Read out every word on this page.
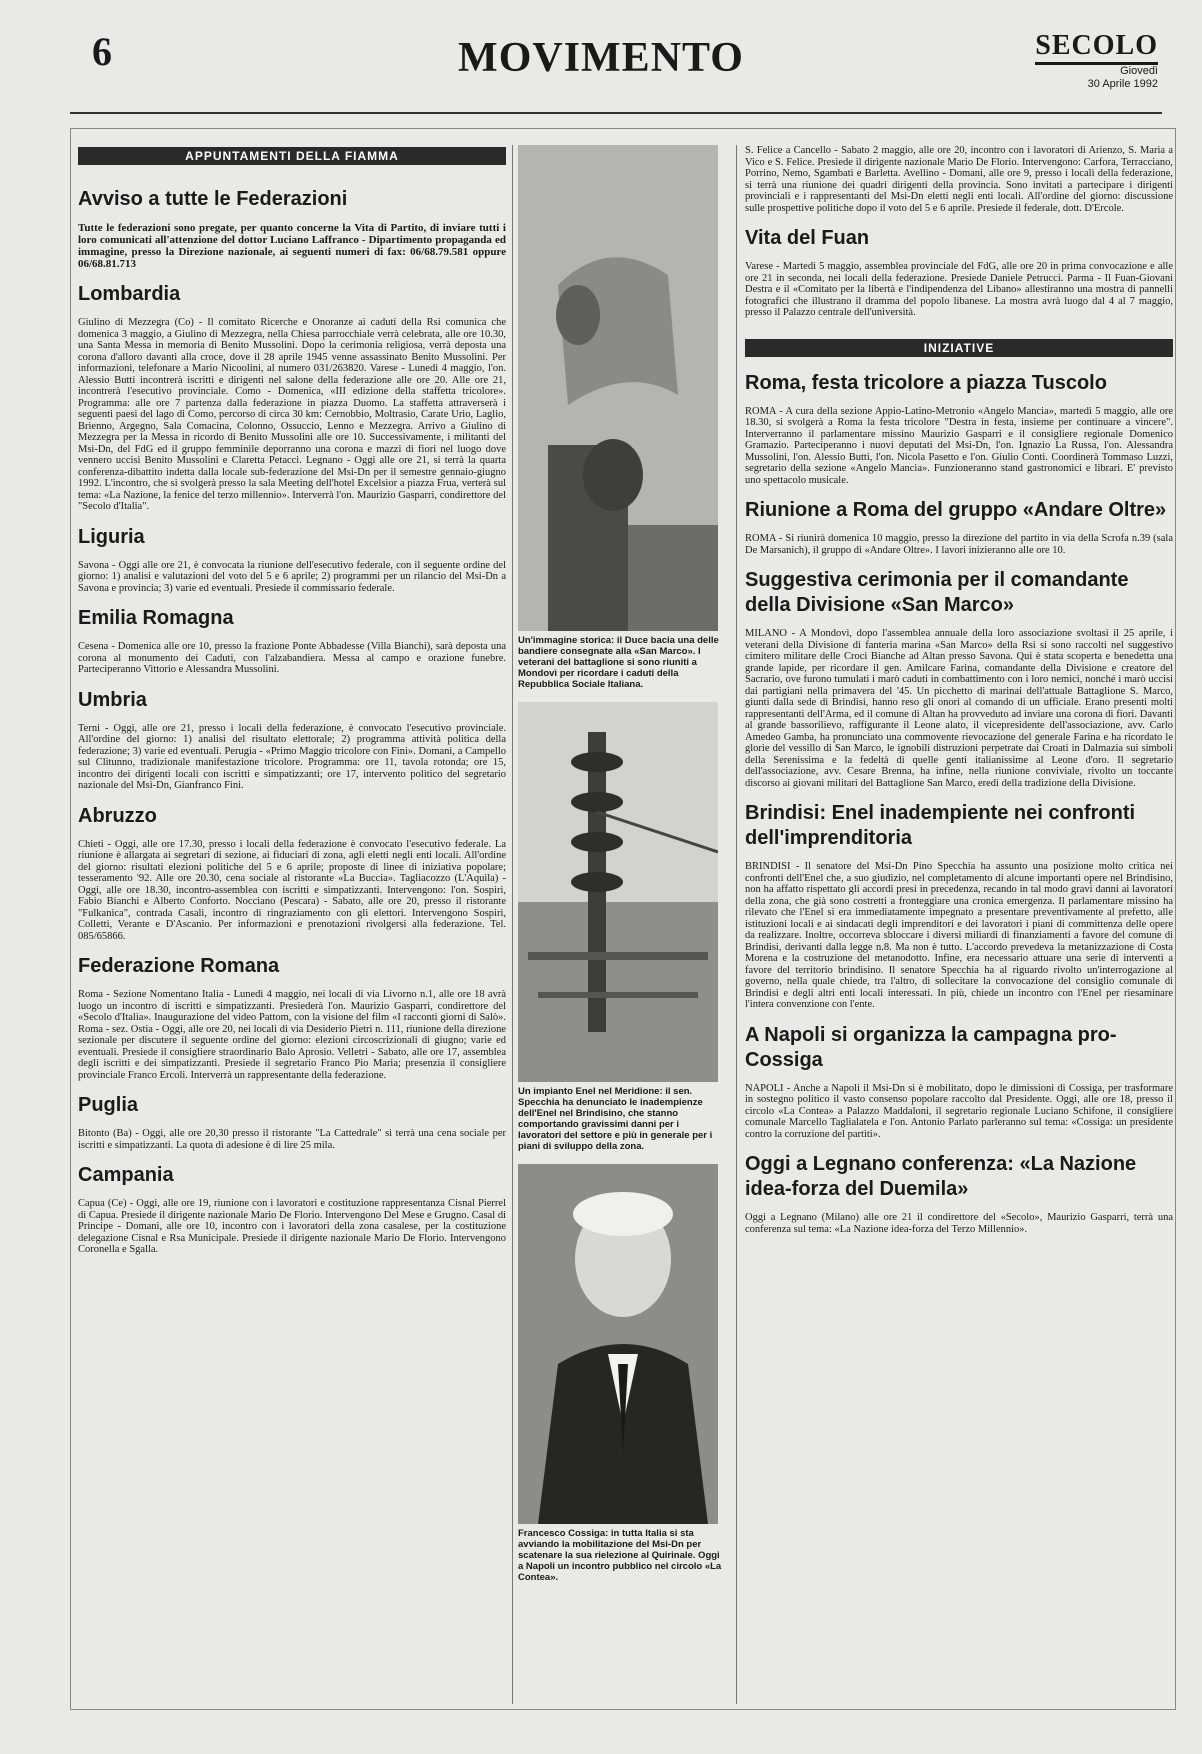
6	MOVIMENTO	SECOLO
Giovedì
30 Aprile 1992
APPUNTAMENTI DELLA FIAMMA
Avviso a tutte le Federazioni

Tutte le federazioni sono pregate, per quanto concerne la Vita di Partito, di inviare tutti i loro comunicati all'attenzione del dottor Luciano Laffranco - Dipartimento propaganda ed immagine, presso la Direzione nazionale, ai seguenti numeri di fax: 06/68.79.581 oppure 06/68.81.713

Lombardia

Giulino di Mezzegra (Co) - Il comitato Ricerche e Onoranze ai caduti della Rsi comunica che domenica 3 maggio, a Giulino di Mezzegra, nella Chiesa parrocchiale verrà celebrata, alle ore 10.30, una Santa Messa in memoria di Benito Mussolini. Dopo la cerimonia religiosa, verrà deposta una corona d'alloro davanti alla croce, dove il 28 aprile 1945 venne assassinato Benito Mussolini. Per informazioni, telefonare a Mario Nicoolini, al numero 031/263820. Varese - Lunedì 4 maggio, l'on. Alessio Butti incontrerà iscritti e dirigenti nel salone della federazione alle ore 20. Alle ore 21, incontrerà l'esecutivo provinciale. Como - Domenica, «III edizione della staffetta tricolore». Programma: alle ore 7 partenza dalla federazione in piazza Duomo. La staffetta attraverserà i seguenti paesi del lago di Como, percorso di circa 30 km: Cernobbio, Moltrasio, Carate Urio, Laglio, Brienno, Argegno, Sala Comacina, Colonno, Ossuccio, Lenno e Mezzegra. Arrivo a Giulino di Mezzegra per la Messa in ricordo di Benito Mussolini alle ore 10. Successivamente, i militanti del Msi-Dn, del FdG ed il gruppo femminile deporranno una corona e mazzi di fiori nel luogo dove vennero uccisi Benito Mussolini e Claretta Petacci. Legnano - Oggi alle ore 21, si terrà la quarta conferenza-dibattito indetta dalla locale sub-federazione del Msi-Dn per il semestre gennaio-giugno 1992. L'incontro, che si svolgerà presso la sala Meeting dell'hotel Excelsior a piazza Frua, verterà sul tema: «La Nazione, la fenice del terzo millennio». Interverrà l'on. Maurizio Gasparri, condirettore del "Secolo d'Italia".

Liguria

Savona - Oggi alle ore 21, è convocata la riunione dell'esecutivo federale, con il seguente ordine del giorno: 1) analisi e valutazioni del voto del 5 e 6 aprile; 2) programmi per un rilancio del Msi-Dn a Savona e provincia; 3) varie ed eventuali. Presiede il commissario federale.

Emilia Romagna

Cesena - Domenica alle ore 10, presso la frazione Ponte Abbadesse (Villa Bianchi), sarà deposta una corona al monumento dei Caduti, con l'alzabandiera. Messa al campo e orazione funebre. Parteciperanno Vittorio e Alessandra Mussolini.

Umbria

Terni - Oggi, alle ore 21, presso i locali della federazione, è convocato l'esecutivo provinciale. All'ordine del giorno: 1) analisi del risultato elettorale; 2) programma attività politica della federazione; 3) varie ed eventuali. Perugia - «Primo Maggio tricolore con Fini». Domani, a Campello sul Clitunno, tradizionale manifestazione tricolore. Programma: ore 11, tavola rotonda; ore 15, incontro dei dirigenti locali con iscritti e simpatizzanti; ore 17, intervento politico del segretario nazionale del Msi-Dn, Gianfranco Fini.

Abruzzo

Chieti - Oggi, alle ore 17.30, presso i locali della federazione è convocato l'esecutivo federale. La riunione è allargata ai segretari di sezione, ai fiduciari di zona, agli eletti negli enti locali. All'ordine del giorno: risultati elezioni politiche del 5 e 6 aprile; proposte di linee di iniziativa popolare; tesseramento '92. Alle ore 20.30, cena sociale al ristorante «La Buccia». Tagliacozzo (L'Aquila) - Oggi, alle ore 18.30, incontro-assemblea con iscritti e simpatizzanti. Intervengono: l'on. Sospiri, Fabio Bianchi e Alberto Conforto. Nocciano (Pescara) - Sabato, alle ore 20, presso il ristorante "Fulkanica", contrada Casali, incontro di ringraziamento con gli elettori. Intervengono Sospiri, Colletti, Verante e D'Ascanio. Per informazioni e prenotazioni rivolgersi alla federazione. Tel. 085/65866.

Federazione Romana

Roma - Sezione Nomentano Italia - Lunedì 4 maggio, nei locali di via Livorno n.1, alle ore 18 avrà luogo un incontro di iscritti e simpatizzanti. Presiederà l'on. Maurizio Gasparri, condirettore del «Secolo d'Italia». Inaugurazione del video Pattom, con la visione del film «I racconti giorni di Salò». Roma - sez. Ostia - Oggi, alle ore 20, nei locali di via Desiderio Pietri n. 111, riunione della direzione sezionale per discutere il seguente ordine del giorno: elezioni circoscrizionali di giugno; varie ed eventuali. Presiede il consigliere straordinario Balo Aprosio. Velletri - Sabato, alle ore 17, assemblea degli iscritti e dei simpatizzanti. Presiede il segretario Franco Pio Maria; presenzia il consigliere provinciale Franco Ercoli. Interverrà un rappresentante della federazione.

Puglia

Bitonto (Ba) - Oggi, alle ore 20,30 presso il ristorante "La Cattedrale" si terrà una cena sociale per iscritti e simpatizzanti. La quota di adesione è di lire 25 mila.

Campania

Capua (Ce) - Oggi, alle ore 19, riunione con i lavoratori e costituzione rappresentanza Cisnal Pierrel di Capua. Presiede il dirigente nazionale Mario De Florio. Intervengono Del Mese e Grugno. Casal di Principe - Domani, alle ore 10, incontro con i lavoratori della zona casalese, per la costituzione delegazione Cisnal e Rsa Municipale. Presiede il dirigente nazionale Mario De Florio. Intervengono Coronella e Sgalla.

Un'immagine storica: il Duce bacia una delle bandiere consegnate alla «San Marco». I veterani del battaglione si sono riuniti a Mondovì per ricordare i caduti della Repubblica Sociale Italiana.
Un impianto Enel nel Meridione: il sen. Specchia ha denunciato le inadempienze dell'Enel nel Brindisino, che stanno comportando gravissimi danni per i lavoratori del settore e più in generale per i piani di sviluppo della zona.
Francesco Cossiga: in tutta Italia si sta avviando la mobilitazione del Msi-Dn per scatenare la sua rielezione al Quirinale. Oggi a Napoli un incontro pubblico nel circolo «La Contea».

S. Felice a Cancello - Sabato 2 maggio, alle ore 20, incontro con i lavoratori di Arienzo, S. Maria a Vico e S. Felice. Presiede il dirigente nazionale Mario De Florio. Intervengono: Carfora, Terracciano, Porrino, Nemo, Sgambati e Barletta. Avellino - Domani, alle ore 9, presso i locali della federazione, si terrà una riunione dei quadri dirigenti della provincia. Sono invitati a partecipare i dirigenti provinciali e i rappresentanti del Msi-Dn eletti negli enti locali. All'ordine del giorno: discussione sulle prospettive politiche dopo il voto del 5 e 6 aprile. Presiede il federale, dott. D'Ercole.

Vita del Fuan

Varese - Martedì 5 maggio, assemblea provinciale del FdG, alle ore 20 in prima convocazione e alle ore 21 in seconda, nei locali della federazione. Presiede Daniele Petrucci. Parma - Il Fuan-Giovani Destra e il «Comitato per la libertà e l'indipendenza del Libano» allestiranno una mostra di pannelli fotografici che illustrano il dramma del popolo libanese. La mostra avrà luogo dal 4 al 7 maggio, presso il Palazzo centrale dell'università.

INIZIATIVE
Roma, festa tricolore a piazza Tuscolo

ROMA - A cura della sezione Appio-Latino-Metronio «Angelo Mancia», martedì 5 maggio, alle ore 18.30, si svolgerà a Roma la festa tricolore "Destra in festa, insieme per continuare a vincere". Interverranno il parlamentare missino Maurizio Gasparri e il consigliere regionale Domenico Gramazio. Parteciperanno i nuovi deputati del Msi-Dn, l'on. Ignazio La Russa, l'on. Alessandra Mussolini, l'on. Alessio Butti, l'on. Nicola Pasetto e l'on. Giulio Conti. Coordinerà Tommaso Luzzi, segretario della sezione «Angelo Mancia». Funzioneranno stand gastronomici e librari. E' previsto uno spettacolo musicale.

Riunione a Roma del gruppo «Andare Oltre»

ROMA - Si riunirà domenica 10 maggio, presso la direzione del partito in via della Scrofa n.39 (sala De Marsanich), il gruppo di «Andare Oltre». I lavori inizieranno alle ore 10.

Suggestiva cerimonia per il comandante della Divisione «San Marco»

MILANO - A Mondovì, dopo l'assemblea annuale della loro associazione svoltasi il 25 aprile, i veterani della Divisione di fanteria marina «San Marco» della Rsi si sono raccolti nel suggestivo cimitero militare delle Croci Bianche ad Altan presso Savona. Qui è stata scoperta e benedetta una grande lapide, per ricordare il gen. Amilcare Farina, comandante della Divisione e creatore del Sacrario, ove furono tumulati i marò caduti in combattimento con i loro nemici, nonché i marò uccisi dai partigiani nella primavera del '45. Un picchetto di marinai dell'attuale Battaglione S. Marco, giunti dalla sede di Brindisi, hanno reso gli onori al comando di un ufficiale. Erano presenti molti rappresentanti dell'Arma, ed il comune di Altan ha provveduto ad inviare una corona di fiori. Davanti al grande bassorilievo, raffigurante il Leone alato, il vicepresidente dell'associazione, avv. Carlo Amedeo Gamba, ha pronunciato una commovente rievocazione del generale Farina e ha ricordato le glorie del vessillo di San Marco, le ignobili distruzioni perpetrate dai Croati in Dalmazia sui simboli della Serenissima e la fedeltà di quelle genti italianissime al Leone d'oro. Il segretario dell'associazione, avv. Cesare Brenna, ha infine, nella riunione conviviale, rivolto un toccante discorso ai giovani militari del Battaglione San Marco, eredi della tradizione della Divisione.

Brindisi: Enel inadempiente nei confronti dell'imprenditoria

BRINDISI - Il senatore del Msi-Dn Pino Specchia ha assunto una posizione molto critica nei confronti dell'Enel che, a suo giudizio, nel completamento di alcune importanti opere nel Brindisino, non ha affatto rispettato gli accordi presi in precedenza, recando in tal modo gravi danni ai lavoratori della zona, che già sono costretti a fronteggiare una cronica emergenza. Il parlamentare missino ha rilevato che l'Enel si era immediatamente impegnato a presentare preventivamente al prefetto, alle istituzioni locali e ai sindacati degli imprenditori e dei lavoratori i piani di committenza delle opere da realizzare. Inoltre, occorreva sbloccare i diversi miliardi di finanziamenti a favore del comune di Brindisi, derivanti dalla legge n.8. Ma non è tutto. L'accordo prevedeva la metanizzazione di Costa Morena e la costruzione del metanodotto. Infine, era necessario attuare una serie di interventi a favore del territorio brindisino. Il senatore Specchia ha al riguardo rivolto un'interrogazione al governo, nella quale chiede, tra l'altro, di sollecitare la convocazione del consiglio comunale di Brindisi e degli altri enti locali interessati. In più, chiede un incontro con l'Enel per riesaminare l'intera convenzione con l'ente.

A Napoli si organizza la campagna pro-Cossiga

NAPOLI - Anche a Napoli il Msi-Dn si è mobilitato, dopo le dimissioni di Cossiga, per trasformare in sostegno politico il vasto consenso popolare raccolto dal Presidente. Oggi, alle ore 18, presso il circolo «La Contea» a Palazzo Maddaloni, il segretario regionale Luciano Schifone, il consigliere comunale Marcello Taglialatela e l'on. Antonio Parlato parleranno sul tema: «Cossiga: un presidente contro la corruzione del partiti».

Oggi a Legnano conferenza: «La Nazione idea-forza del Duemila»

Oggi a Legnano (Milano) alle ore 21 il condirettore del «Secolo», Maurizio Gasparri, terrà una conferenza sul tema: «La Nazione idea-forza del Terzo Millennio».
